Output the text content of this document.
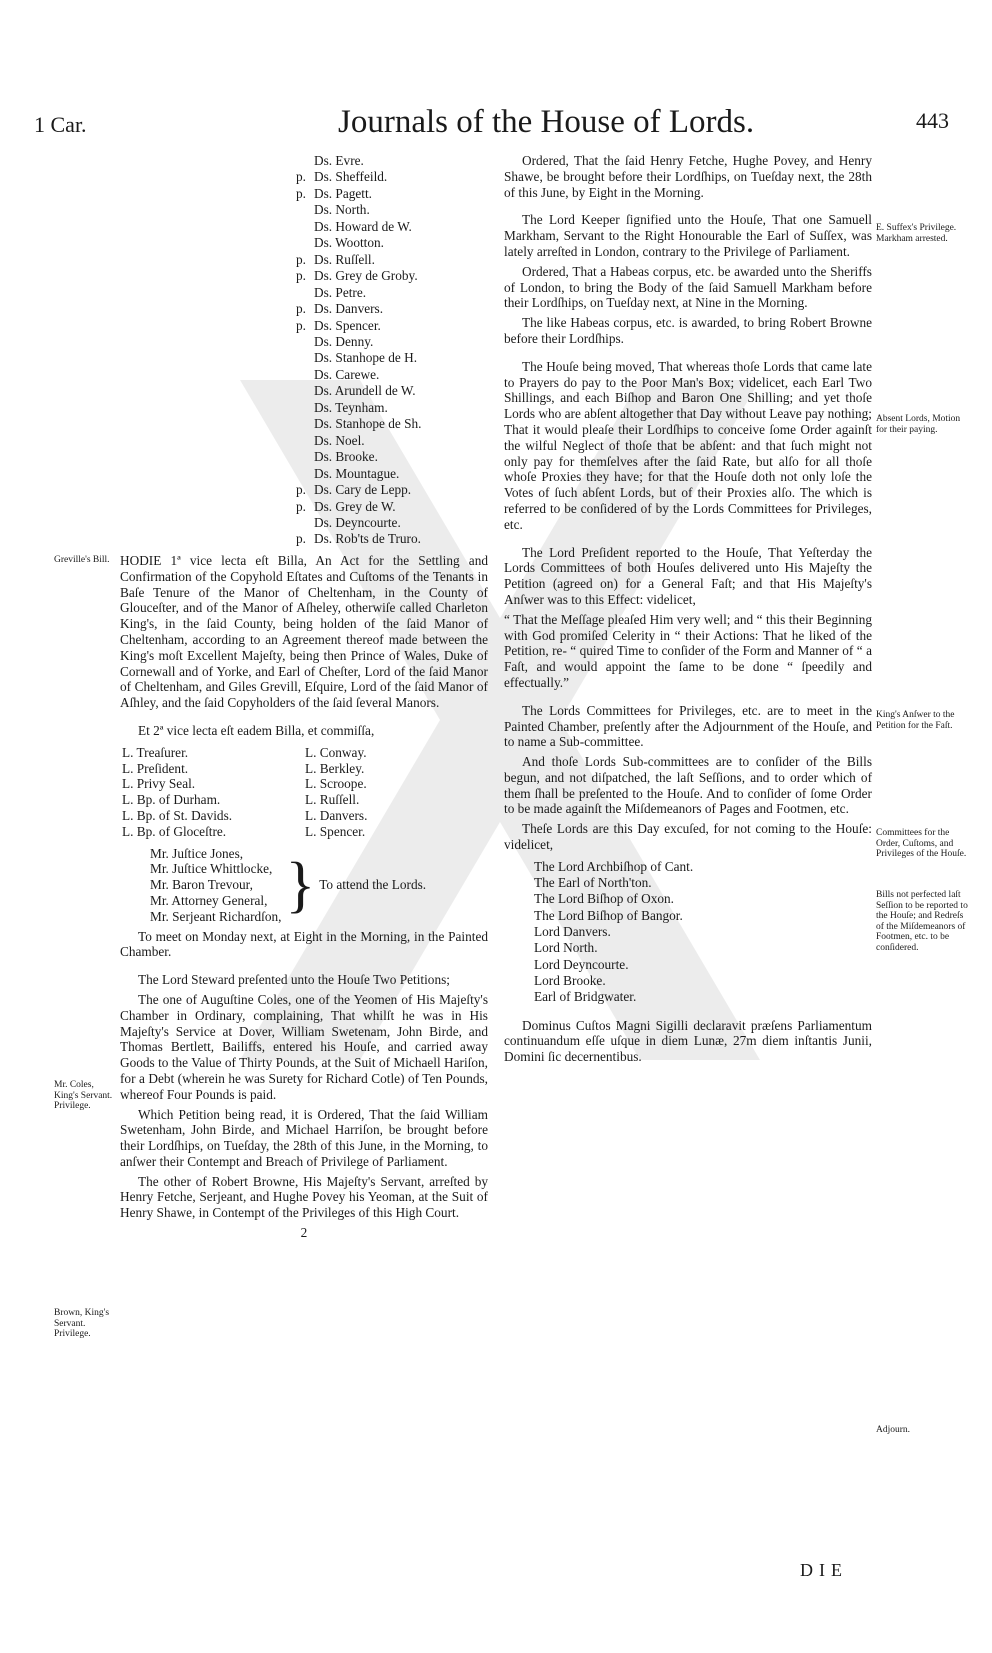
1 Car.	Journals of the House of Lords.	443
Ds. Evre.
p. Ds. Sheffeild.
p. Ds. Pagett.
Ds. North.
Ds. Howard de W.
Ds. Wootton.
p. Ds. Ruſſell.
p. Ds. Grey de Groby.
Ds. Petre.
p. Ds. Danvers.
p. Ds. Spencer.
Ds. Denny.
Ds. Stanhope de H.
Ds. Carewe.
Ds. Arundell de W.
Ds. Teynham.
Ds. Stanhope de Sh.
Ds. Noel.
Ds. Brooke.
Ds. Mountague.
p. Ds. Cary de Lepp.
p. Ds. Grey de W.
Ds. Deyncourte.
p. Ds. Rob'ts de Truro.
Greville's Bill.
Mr. Coles, King's Servant. Privilege.
Brown, King's Servant. Privilege.
E. Suffex's Privilege. Markham arrested.
Absent Lords, Motion for their paying.
King's Anſwer to the Petition for the Faſt.
Committees for the Order, Cuſtoms, and Privileges of the Houſe.
Bills not perfected laſt Seſſion to be reported to the Houſe; and Redreſs of the Miſdemeanors of Footmen, etc. to be conſidered.
Adjourn.

HODIE 1ª vice lecta eſt Billa, An Act for the Settling and Confirmation of the Copyhold Eſtates and Cuſtoms of the Tenants in Baſe Tenure of the Manor of Cheltenham, in the County of Glouceſter, and of the Manor of Aſheley, otherwiſe called Charleton King's, in the ſaid County, being holden of the ſaid Manor of Cheltenham, according to an Agreement thereof made between the King's moſt Excellent Majeſty, being then Prince of Wales, Duke of Cornewall and of Yorke, and Earl of Cheſter, Lord of the ſaid Manor of Cheltenham, and Giles Grevill, Eſquire, Lord of the ſaid Manor of Aſhley, and the ſaid Copyholders of the ſaid ſeveral Manors.

Et 2ª vice lecta eſt eadem Billa, et commiſſa,

L. Treaſurer.
L. Preſident.
L. Privy Seal.
L. Bp. of Durham.
L. Bp. of St. Davids.
L. Bp. of Gloceſtre.
L. Conway.
L. Berkley.
L. Scroope.
L. Ruſſell.
L. Danvers.
L. Spencer.
Mr. Juſtice Jones,
Mr. Juſtice Whittlocke,
Mr. Baron Trevour,
Mr. Attorney General,
Mr. Serjeant Richardſon, } To attend the Lords.

To meet on Monday next, at Eight in the Morning, in the Painted Chamber.

The Lord Steward preſented unto the Houſe Two Petitions;

The one of Auguſtine Coles, one of the Yeomen of His Majeſty's Chamber in Ordinary, complaining, That whilſt he was in His Majeſty's Service at Dover, William Swetenam, John Birde, and Thomas Bertlett, Bailiffs, entered his Houſe, and carried away Goods to the Value of Thirty Pounds, at the Suit of Michaell Hariſon, for a Debt (wherein he was Surety for Richard Cotle) of Ten Pounds, whereof Four Pounds is paid.

Which Petition being read, it is Ordered, That the ſaid William Swetenham, John Birde, and Michael Harriſon, be brought before their Lordſhips, on Tueſday, the 28th of this June, in the Morning, to anſwer their Contempt and Breach of Privilege of Parliament.

The other of Robert Browne, His Majeſty's Servant, arreſted by Henry Fetche, Serjeant, and Hughe Povey his Yeoman, at the Suit of Henry Shawe, in Contempt of the Privileges of this High Court.

2

Ordered, That the ſaid Henry Fetche, Hughe Povey, and Henry Shawe, be brought before their Lordſhips, on Tueſday next, the 28th of this June, by Eight in the Morning.

The Lord Keeper ſignified unto the Houſe, That one Samuell Markham, Servant to the Right Honourable the Earl of Suſſex, was lately arreſted in London, contrary to the Privilege of Parliament.

Ordered, That a Habeas corpus, etc. be awarded unto the Sheriffs of London, to bring the Body of the ſaid Samuell Markham before their Lordſhips, on Tueſday next, at Nine in the Morning.

The like Habeas corpus, etc. is awarded, to bring Robert Browne before their Lordſhips.

The Houſe being moved, That whereas thoſe Lords that came late to Prayers do pay to the Poor Man's Box; videlicet, each Earl Two Shillings, and each Biſhop and Baron One Shilling; and yet thoſe Lords who are abſent altogether that Day without Leave pay nothing; That it would pleaſe their Lordſhips to conceive ſome Order againſt the wilful Neglect of thoſe that be abſent: and that ſuch might not only pay for themſelves after the ſaid Rate, but alſo for all thoſe whoſe Proxies they have; for that the Houſe doth not only loſe the Votes of ſuch abſent Lords, but of their Proxies alſo. The which is referred to be conſidered of by the Lords Committees for Privileges, etc.

The Lord Preſident reported to the Houſe, That Yeſterday the Lords Committees of both Houſes delivered unto His Majeſty the Petition (agreed on) for a General Faſt; and that His Majeſty's Anſwer was to this Effect: videlicet,

“ That the Meſſage pleaſed Him very well; and “ this their Beginning with God promiſed Celerity in “ their Actions: That he liked of the Petition, re- “ quired Time to conſider of the Form and Manner of “ a Faſt, and would appoint the ſame to be done “ ſpeedily and effectually.”

The Lords Committees for Privileges, etc. are to meet in the Painted Chamber, preſently after the Adjournment of the Houſe, and to name a Sub-committee.

And thoſe Lords Sub-committees are to conſider of the Bills begun, and not diſpatched, the laſt Seſſions, and to order which of them ſhall be preſented to the Houſe. And to conſider of ſome Order to be made againſt the Miſdemeanors of Pages and Footmen, etc.

Theſe Lords are this Day excuſed, for not coming to the Houſe: videlicet,

The Lord Archbiſhop of Cant.
The Earl of North'ton.
The Lord Biſhop of Oxon.
The Lord Biſhop of Bangor.
Lord Danvers.
Lord North.
Lord Deyncourte.
Lord Brooke.
Earl of Bridgwater.

Dominus Cuſtos Magni Sigilli declaravit præſens Parliamentum continuandum eſſe uſque in diem Lunæ, 27m diem inſtantis Junii, Domini ſic decernentibus.

DIE
